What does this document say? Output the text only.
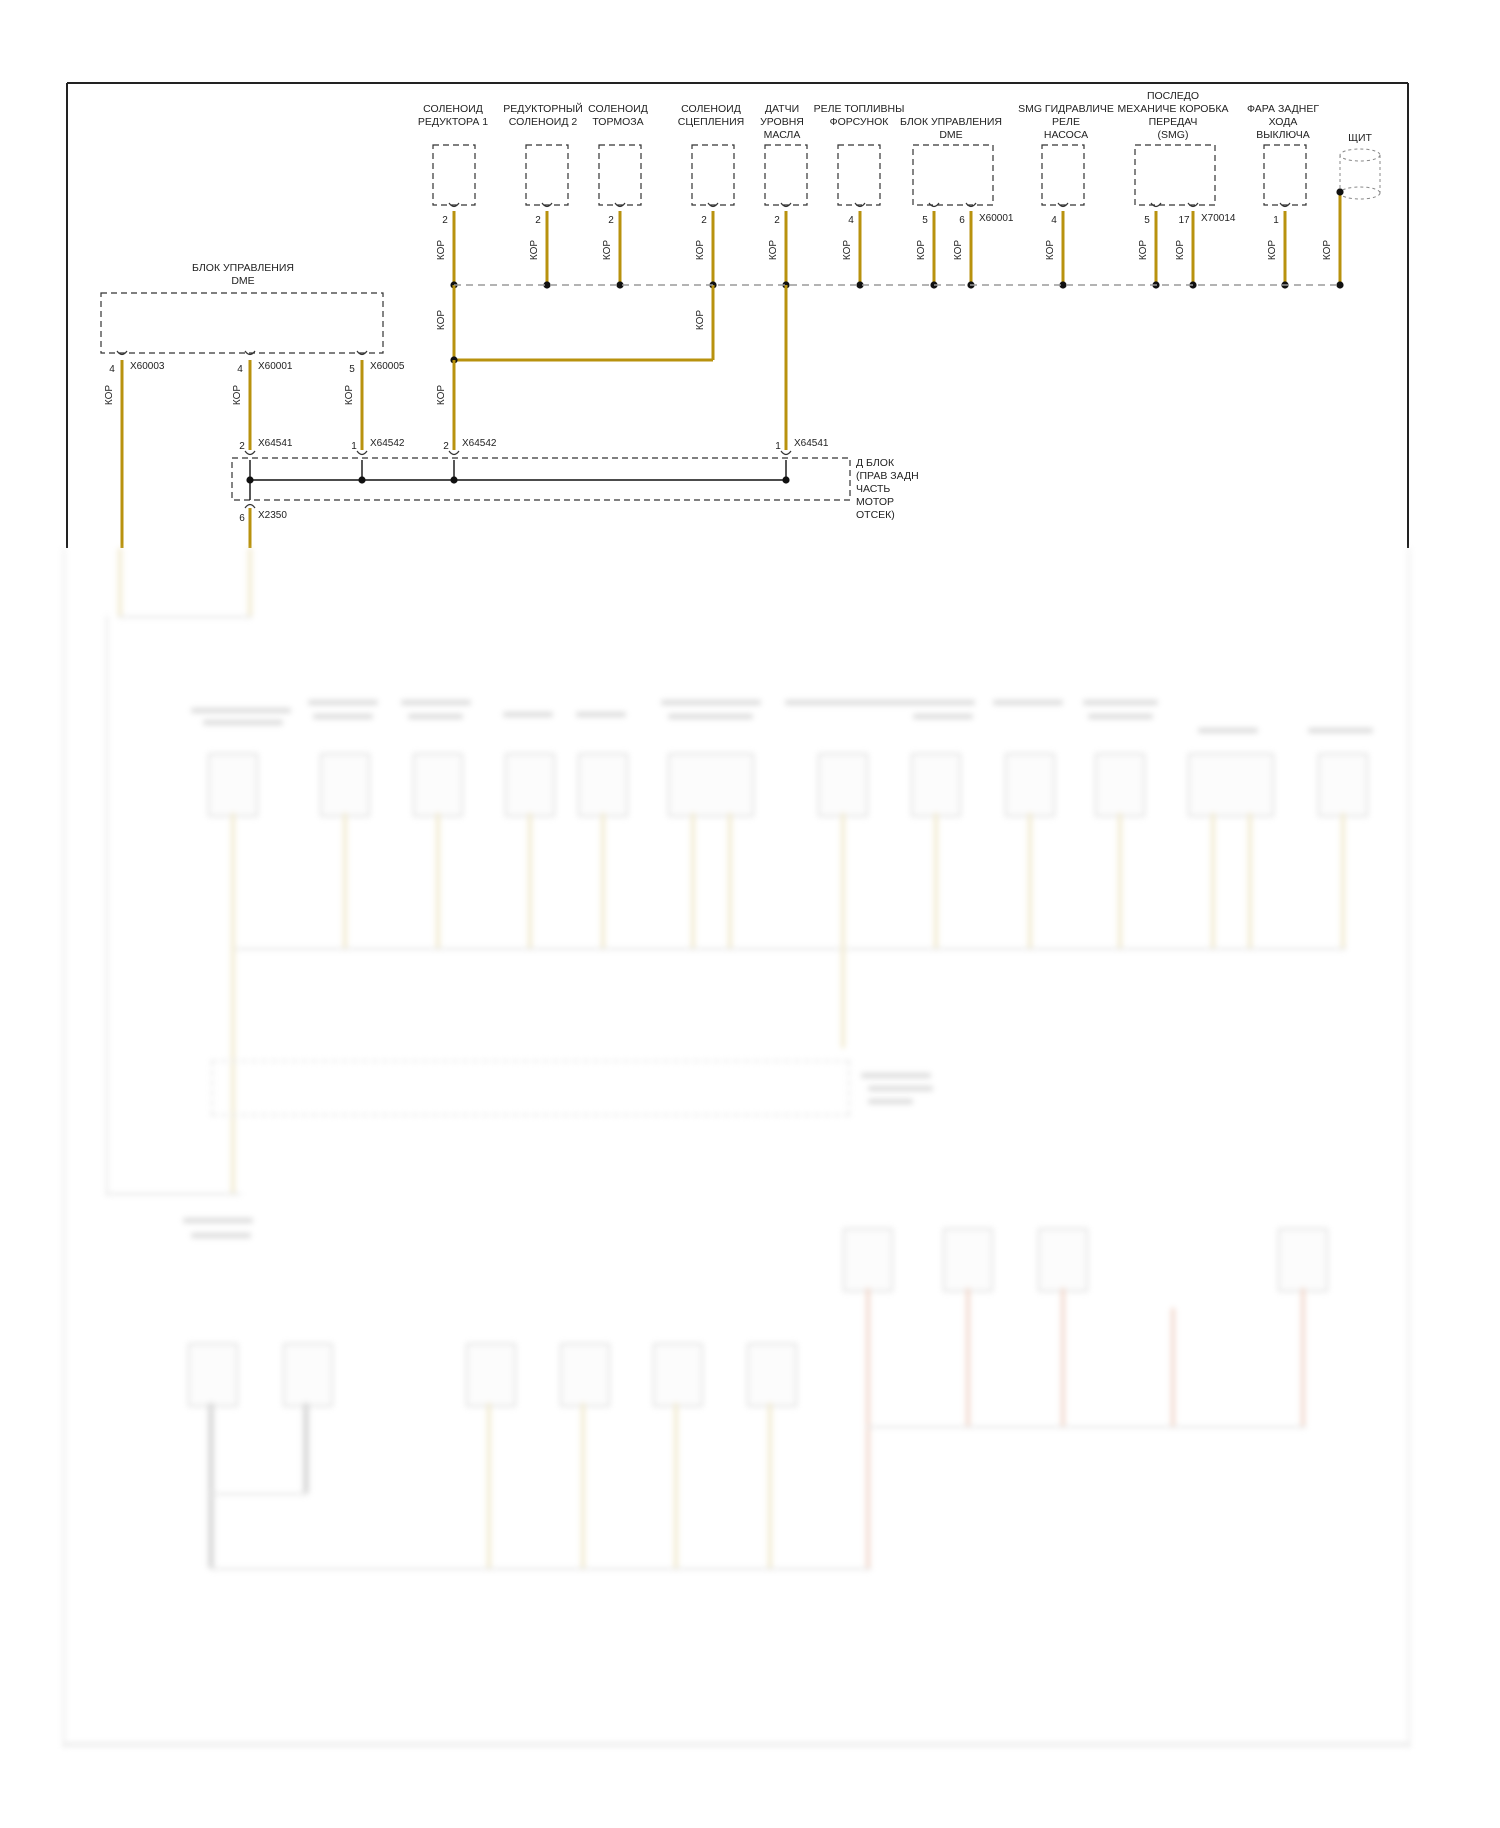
СОЛЕНОИД
РЕДУКТОРА 1
2
КОР
РЕДУКТОРНЫЙ
СОЛЕНОИД 2
2
КОР
СОЛЕНОИД
ТОРМОЗА
2
КОР
СОЛЕНОИД
СЦЕПЛЕНИЯ
2
КОР
ДАТЧИ
УРОВНЯ
МАСЛА
2
КОР
РЕЛЕ ТОПЛИВНЫ
ФОРСУНОК
4
КОР
БЛОК УПРАВЛЕНИЯ
DME
5
КОР
6
КОР
X60001
SMG ГИДРАВЛИЧЕ
РЕЛЕ
НАСОСА
4
КОР
ПОСЛЕДО
МЕХАНИЧЕ КОРОБКА
ПЕРЕДАЧ
(SMG)
5
КОР
17
КОР
X70014
ФАРА ЗАДНЕГ
ХОДА
ВЫКЛЮЧА
1
КОР
ЩИТ
КОР
КОР	КОР
КОР
БЛОК УПРАВЛЕНИЯ
DME
4 X60003	4 X60001	5 X60005
КОР	КОР	КОР
2 X64541	1 X64542	2 X64542	1 X64541
6 X2350
Д БЛОК
(ПРАВ ЗАДН
ЧАСТЬ
МОТОР
ОТСЕК)
